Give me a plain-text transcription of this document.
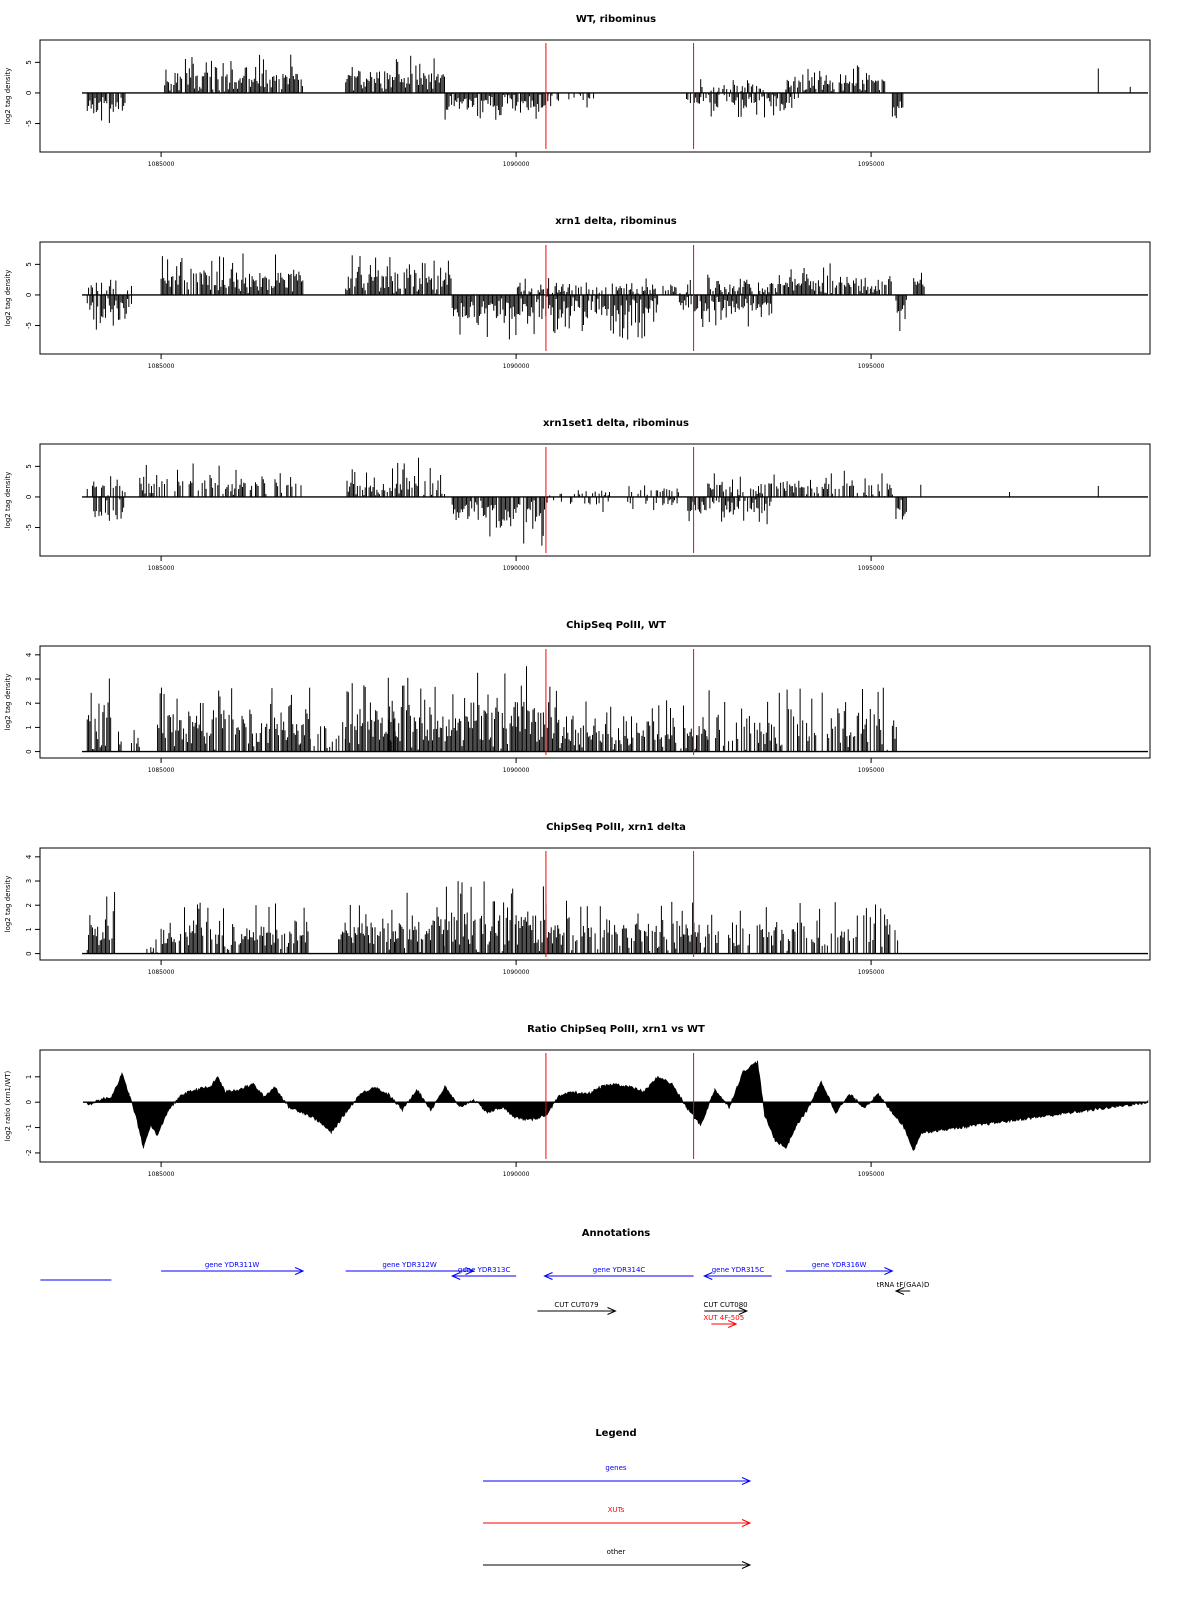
WT, ribominus
log2 tag density -5
0
5
1085000	1090000	1095000
xrn1 delta, ribominus
log2 tag density -5
0
5
1085000	1090000	1095000
xrn1set1 delta, ribominus
log2 tag density -5
0
5
1085000	1090000	1095000
ChipSeq PolII, WT
log2 tag density
0
1
2
3
4
1085000	1090000	1095000
ChipSeq PolII, xrn1 delta
log2 tag density
0
1
2
3
4
1085000	1090000	1095000
Ratio ChipSeq PolII, xrn1 vs WT
log2 ratio (xrn1/WT)
-2
-1
0
1
1085000	1090000	1095000
Annotations
gene YDR311W	gene YDR312W
gene YDR313C	gene YDR314C	gene YDR315C
gene YDR316W
tRNA tF(GAA)D
CUT CUT079	CUT CUT080
XUT 4F-505
Legend
genes
XUTs
other
